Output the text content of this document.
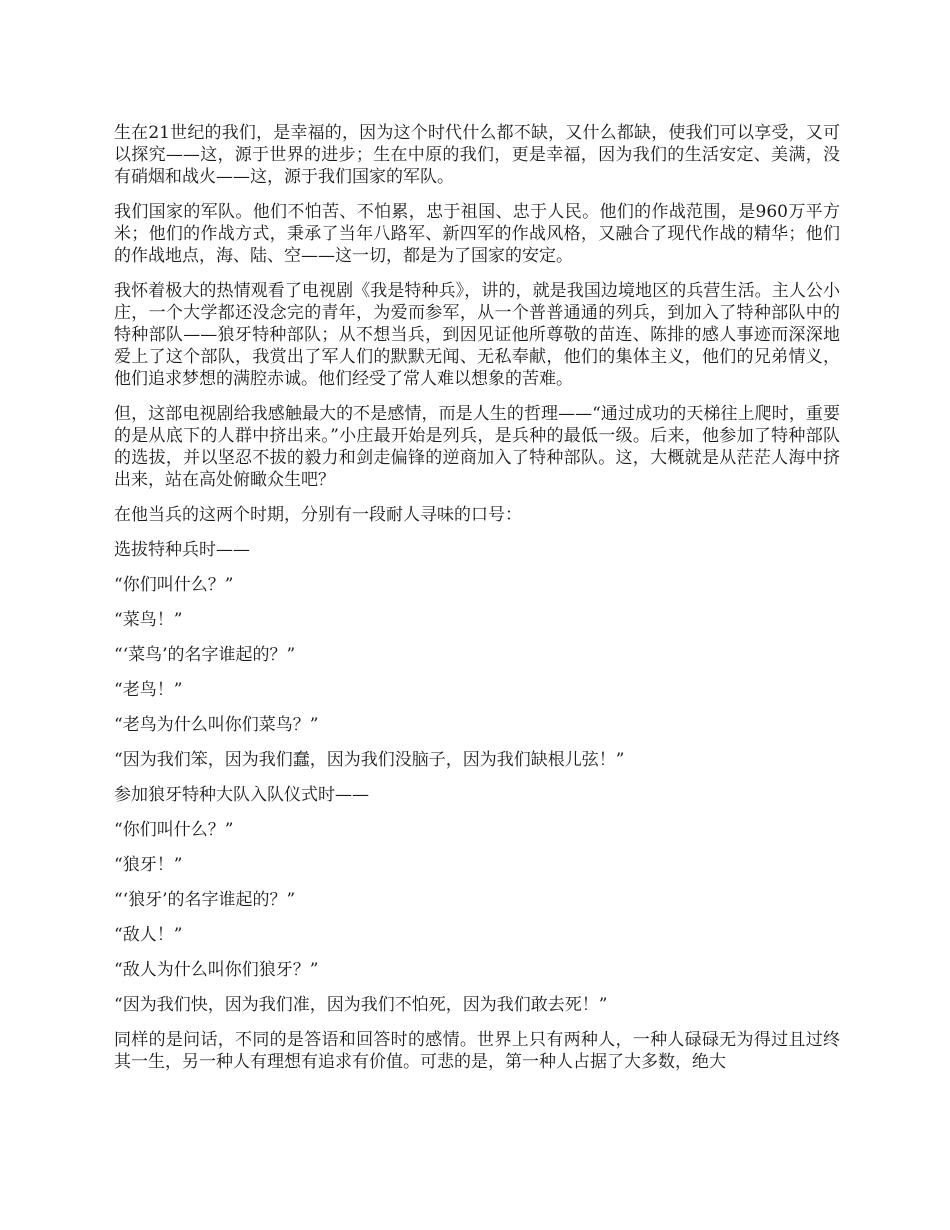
生在21世纪的我们，是幸福的，因为这个时代什么都不缺，又什么都缺，使我们可以享受，又可以探究——这，源于世界的进步；生在中原的我们，更是幸福，因为我们的生活安定、美满，没有硝烟和战火——这，源于我们国家的军队。

我们国家的军队。他们不怕苦、不怕累，忠于祖国、忠于人民。他们的作战范围，是960万平方米；他们的作战方式，秉承了当年八路军、新四军的作战风格，又融合了现代作战的精华；他们的作战地点，海、陆、空——这一切，都是为了国家的安定。

我怀着极大的热情观看了电视剧《我是特种兵》，讲的，就是我国边境地区的兵营生活。主人公小庄，一个大学都还没念完的青年，为爱而参军，从一个普普通通的列兵，到加入了特种部队中的特种部队——狼牙特种部队；从不想当兵，到因见证他所尊敬的苗连、陈排的感人事迹而深深地爱上了这个部队，我赏出了军人们的默默无闻、无私奉献，他们的集体主义，他们的兄弟情义，他们追求梦想的满腔赤诚。他们经受了常人难以想象的苦难。

但，这部电视剧给我感触最大的不是感情，而是人生的哲理——“通过成功的天梯往上爬时，重要的是从底下的人群中挤出来。”小庄最开始是列兵，是兵种的最低一级。后来，他参加了特种部队的选拔，并以坚忍不拔的毅力和剑走偏锋的逆商加入了特种部队。这，大概就是从茫茫人海中挤出来，站在高处俯瞰众生吧？

在他当兵的这两个时期，分别有一段耐人寻味的口号：

选拔特种兵时——

“你们叫什么？”

“菜鸟！”

“‘菜鸟’的名字谁起的？”

“老鸟！”

“老鸟为什么叫你们菜鸟？”

“因为我们笨，因为我们蠢，因为我们没脑子，因为我们缺根儿弦！”

参加狼牙特种大队入队仪式时——

“你们叫什么？”

“狼牙！”

“‘狼牙’的名字谁起的？”

“敌人！”

“敌人为什么叫你们狼牙？”

“因为我们快，因为我们准，因为我们不怕死，因为我们敢去死！”

同样的是问话，不同的是答语和回答时的感情。世界上只有两种人，一种人碌碌无为得过且过终其一生，另一种人有理想有追求有价值。可悲的是，第一种人占据了大多数，绝大
